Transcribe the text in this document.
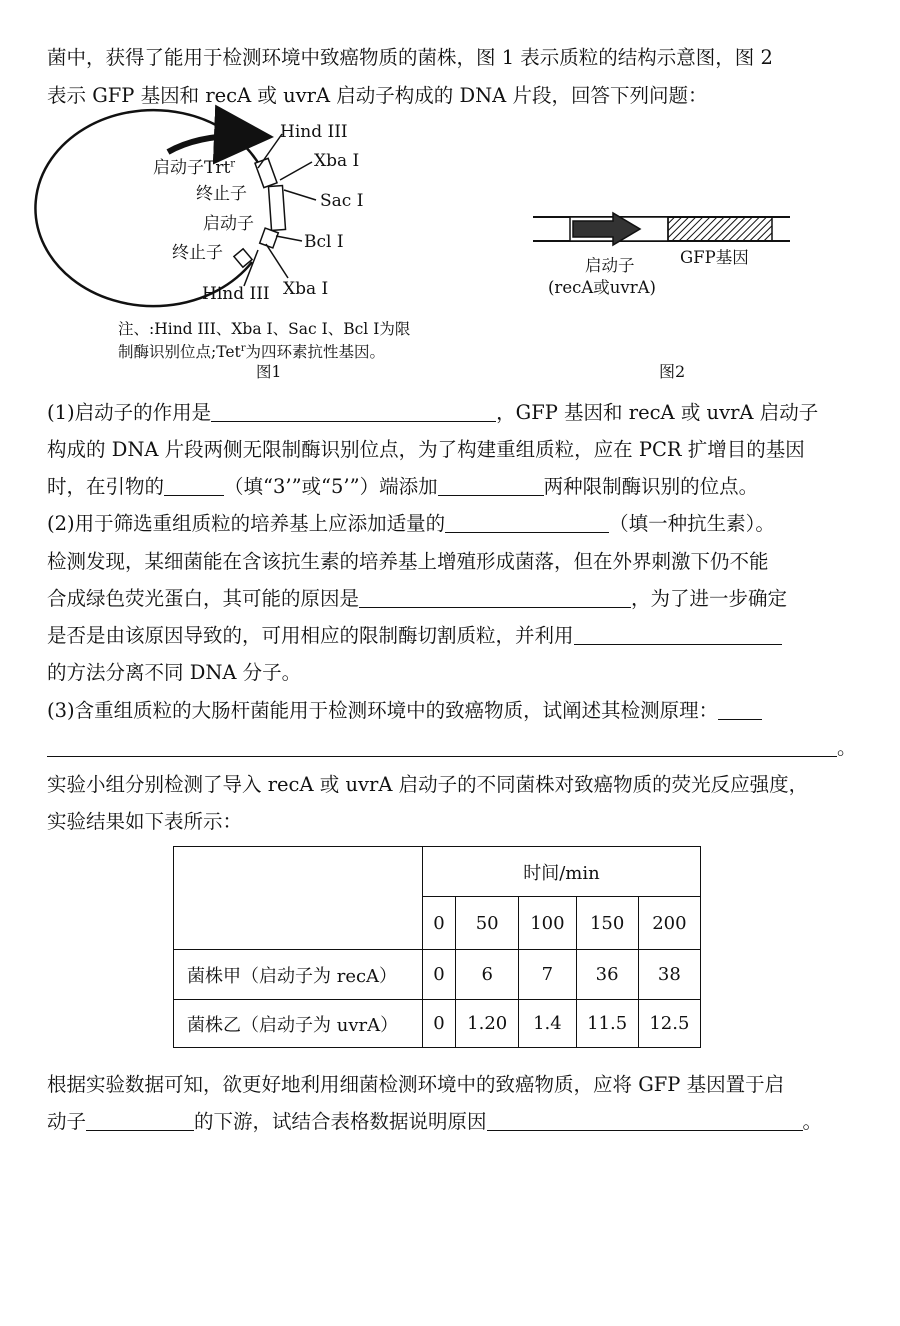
菌中，获得了能用于检测环境中致癌物质的菌株，图 1 表示质粒的结构示意图，图 2
表示 GFP 基因和 recA 或 uvrA 启动子构成的 DNA 片段，回答下列问题：
Hind III
Xba I
Sac I
Bcl I
Xba I
Hind III
启动子Trt$^r$
终止子
启动子
终止子
注、:Hind III、Xba I、Sac I、Bcl I为限
制酶识别位点;Tet$^r$为四环素抗性基因。
图1
GFP基因
启动子
(recA或uvrA)
图2
(1)启动子的作用是	，GFP 基因和 recA 或 uvrA 启动子
构成的 DNA 片段两侧无限制酶识别位点，为了构建重组质粒，应在 PCR 扩增目的基因
时，在引物的	（填“3’”或“5’”）端添加	两种限制酶识别的位点。
(2)用于筛选重组质粒的培养基上应添加适量的	（填一种抗生素）。
检测发现，某细菌能在含该抗生素的培养基上增殖形成菌落，但在外界刺激下仍不能
合成绿色荧光蛋白，其可能的原因是	，为了进一步确定
是否是由该原因导致的，可用相应的限制酶切割质粒，并利用
的方法分离不同 DNA 分子。
(3)含重组质粒的大肠杆菌能用于检测环境中的致癌物质，试阐述其检测原理：
。
实验小组分别检测了导入 recA 或 uvrA 启动子的不同菌株对致癌物质的荧光反应强度，
实验结果如下表所示：
	时间/min				
	0	50	100	150	200
菌株甲（启动子为 recA）	0	6	7	36	38
菌株乙（启动子为 uvrA）	0	1.20	1.4	11.5	12.5
根据实验数据可知，欲更好地利用细菌检测环境中的致癌物质，应将 GFP 基因置于启
动子	的下游，试结合表格数据说明原因	。
